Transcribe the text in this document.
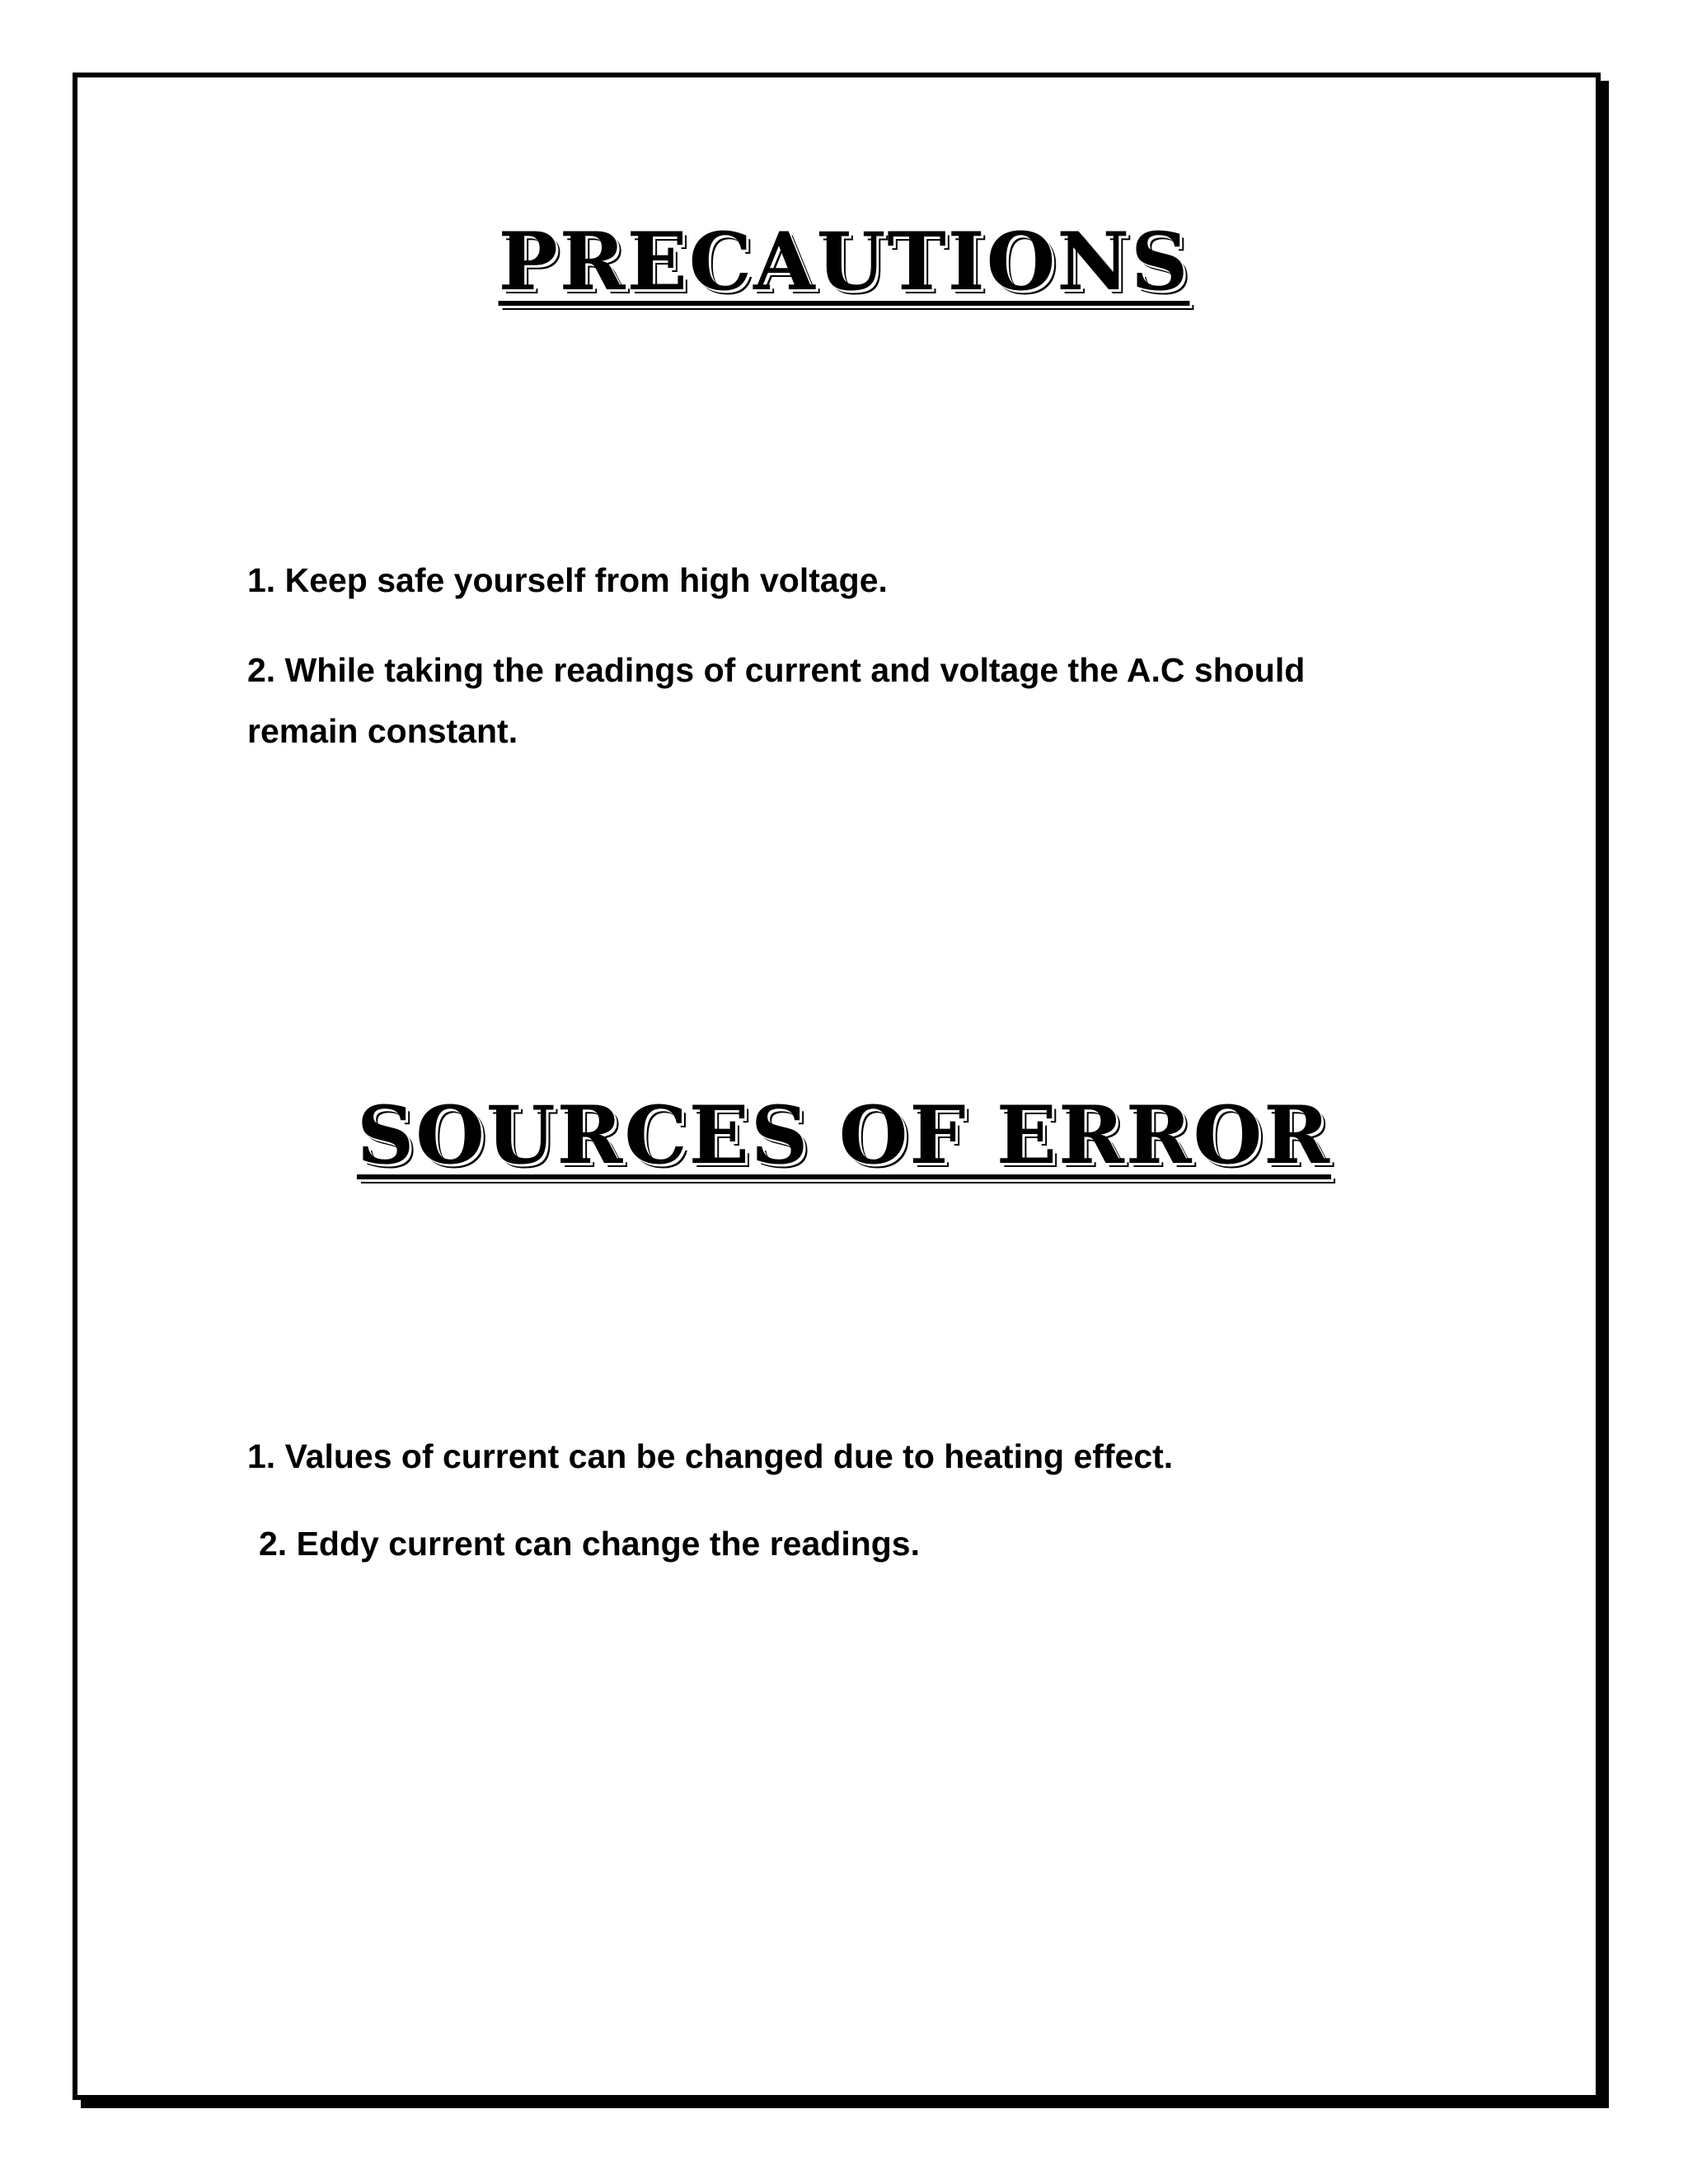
PRECAUTIONS

1. Keep safe yourself from high voltage.

2. While taking the readings of current and voltage the A.C should remain constant.

SOURCES OF ERROR

1. Values of current can be changed due to heating effect.

2. Eddy current can change the readings.
